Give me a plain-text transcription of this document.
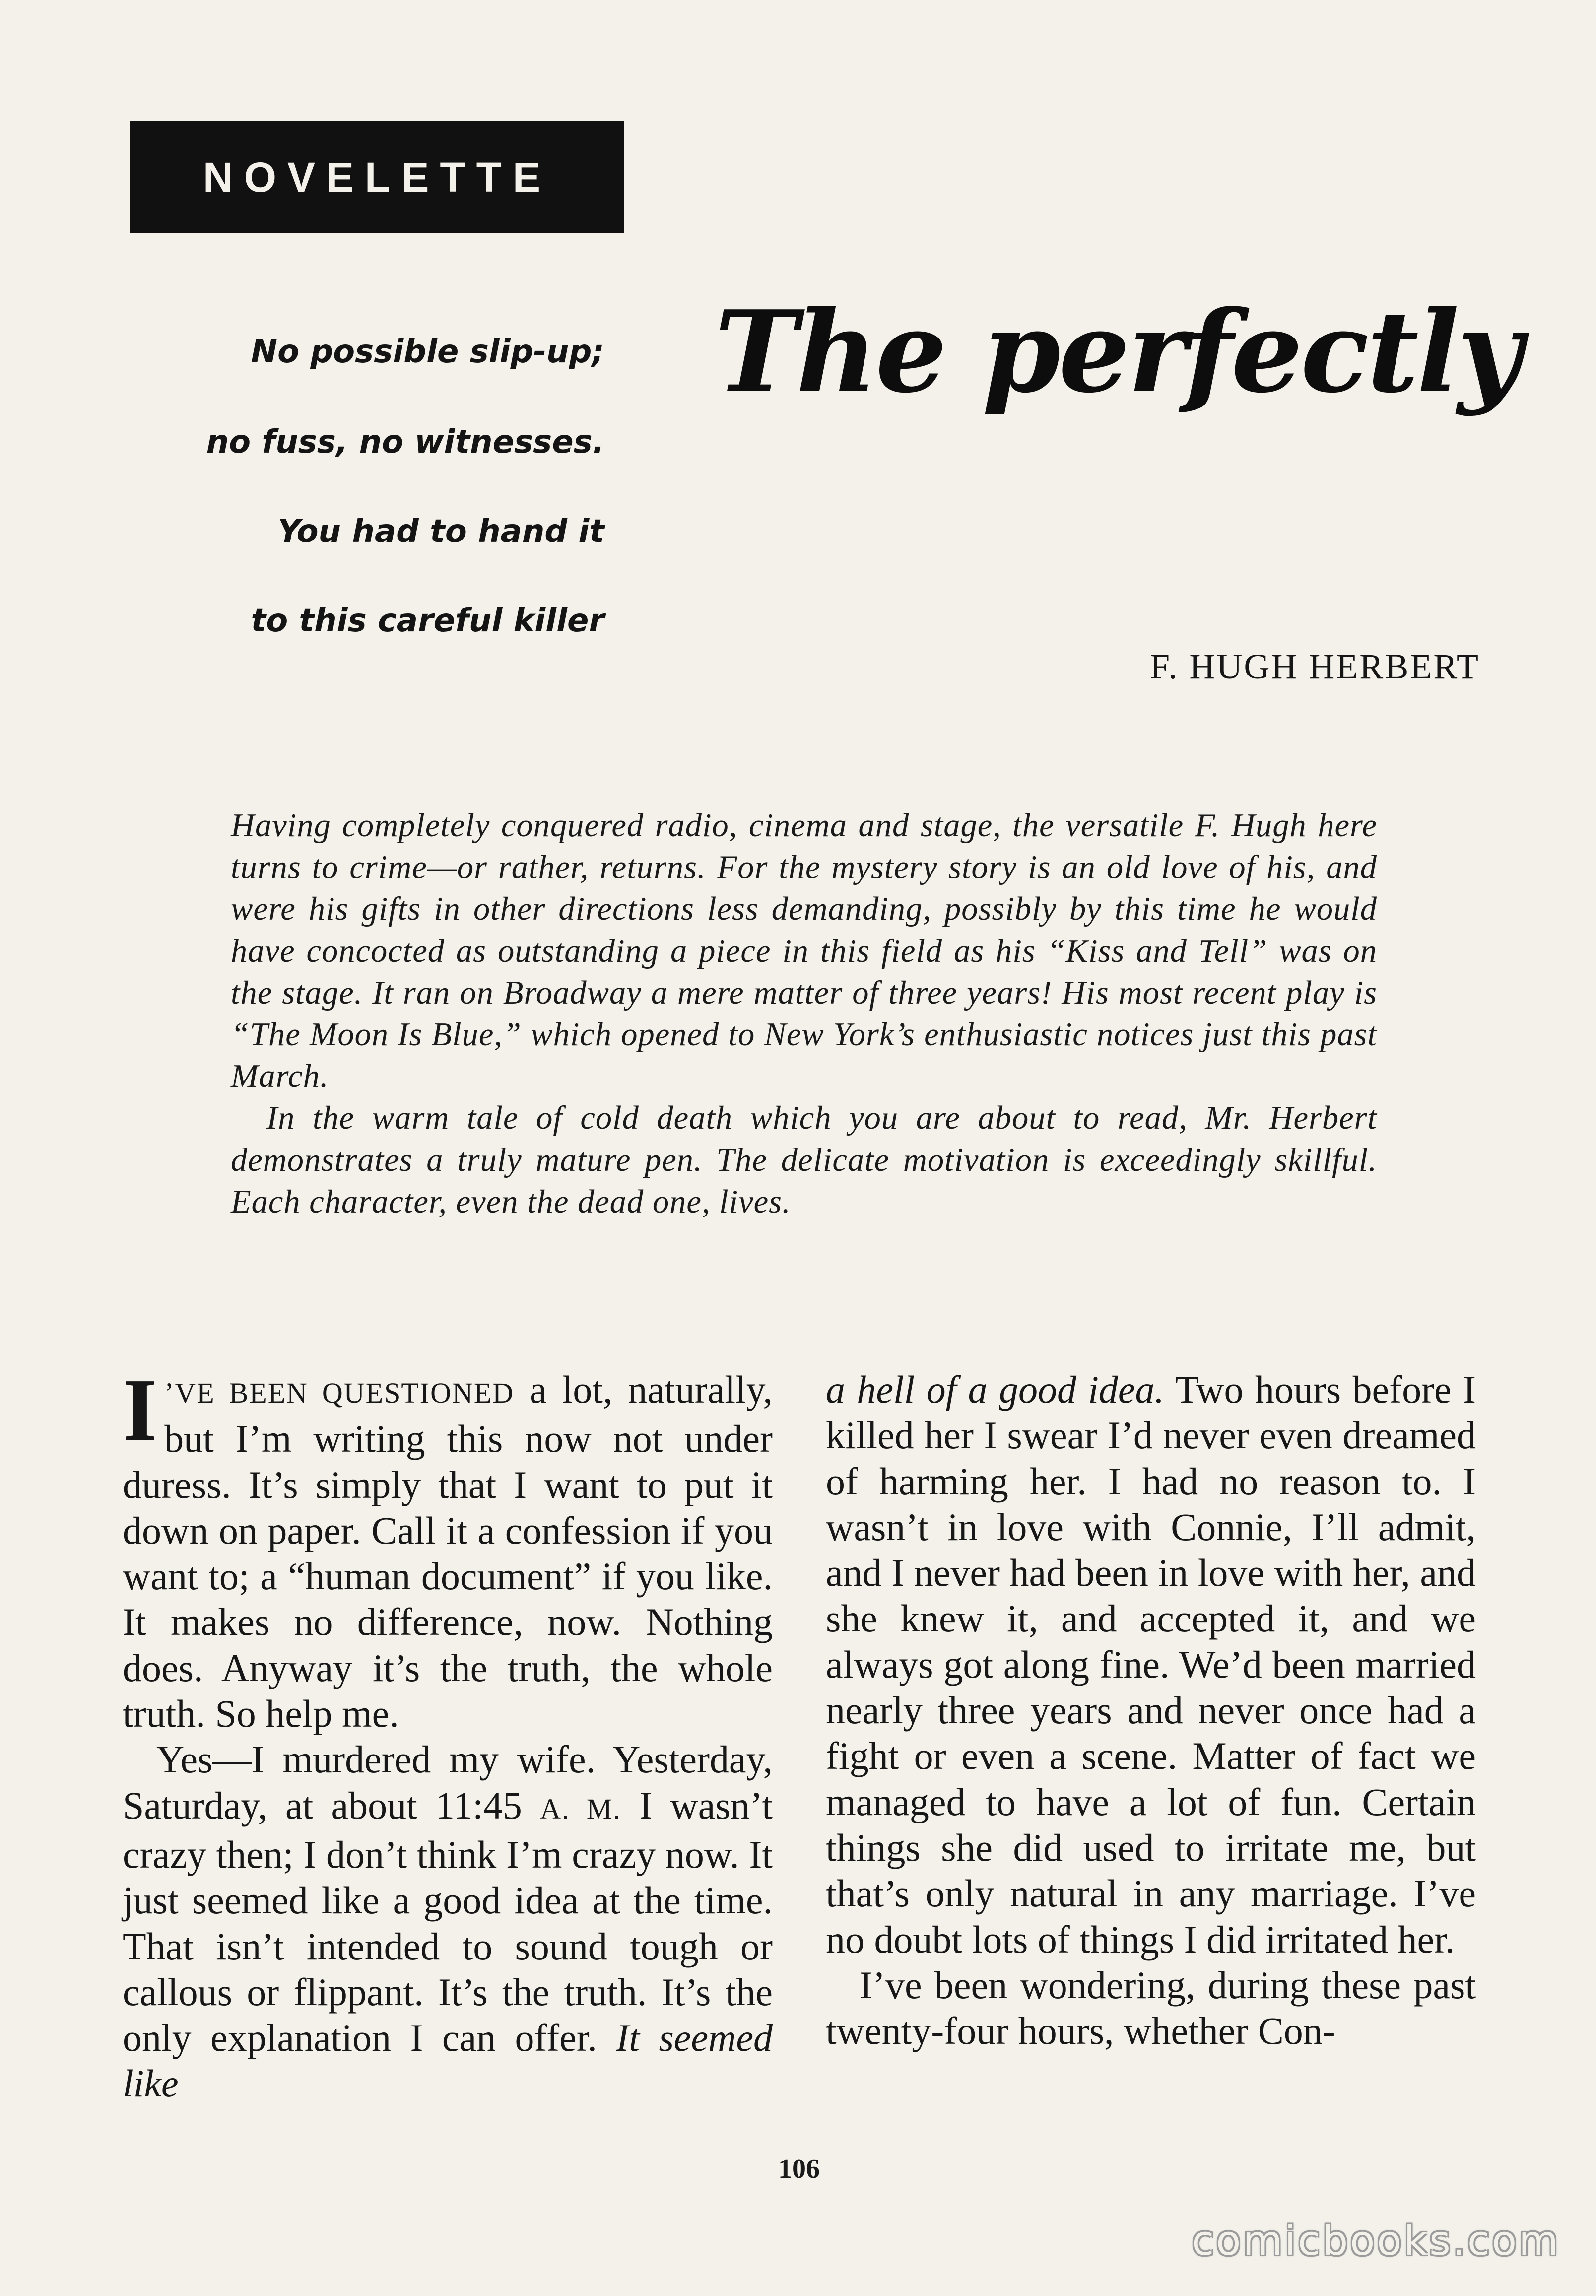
NOVELETTE
No possible slip-up;
no fuss, no witnesses.
You had to hand it
to this careful killer
The perfectly
F. HUGH HERBERT

Having completely conquered radio, cinema and stage, the versatile F. Hugh here turns to crime—or rather, returns. For the mystery story is an old love of his, and were his gifts in other directions less demanding, possibly by this time he would have concocted as outstanding a piece in this field as his “Kiss and Tell” was on the stage. It ran on Broadway a mere matter of three years! His most recent play is “The Moon Is Blue,” which opened to New York’s enthusiastic notices just this past March.

In the warm tale of cold death which you are about to read, Mr. Herbert demonstrates a truly mature pen. The delicate motivation is exceedingly skillful. Each character, even the dead one, lives.

I ’VE BEEN QUESTIONED a lot, naturally, but I’m writing this now not under duress. It’s simply that I want to put it down on paper. Call it a confession if you want to; a “human document” if you like. It makes no difference, now. Nothing does. Anyway it’s the truth, the whole truth. So help me.

Yes—I murdered my wife. Yesterday, Saturday, at about 11:45 A. M. I wasn’t crazy then; I don’t think I’m crazy now. It just seemed like a good idea at the time. That isn’t intended to sound tough or callous or flippant. It’s the truth. It’s the only explanation I can offer. It seemed like

a hell of a good idea. Two hours before I killed her I swear I’d never even dreamed of harming her. I had no reason to. I wasn’t in love with Connie, I’ll admit, and I never had been in love with her, and she knew it, and accepted it, and we always got along fine. We’d been married nearly three years and never once had a fight or even a scene. Matter of fact we managed to have a lot of fun. Certain things she did used to irritate me, but that’s only natural in any marriage. I’ve no doubt lots of things I did irritated her.

I’ve been wondering, during these past twenty-four hours, whether Con-

106
comicbooks.com
